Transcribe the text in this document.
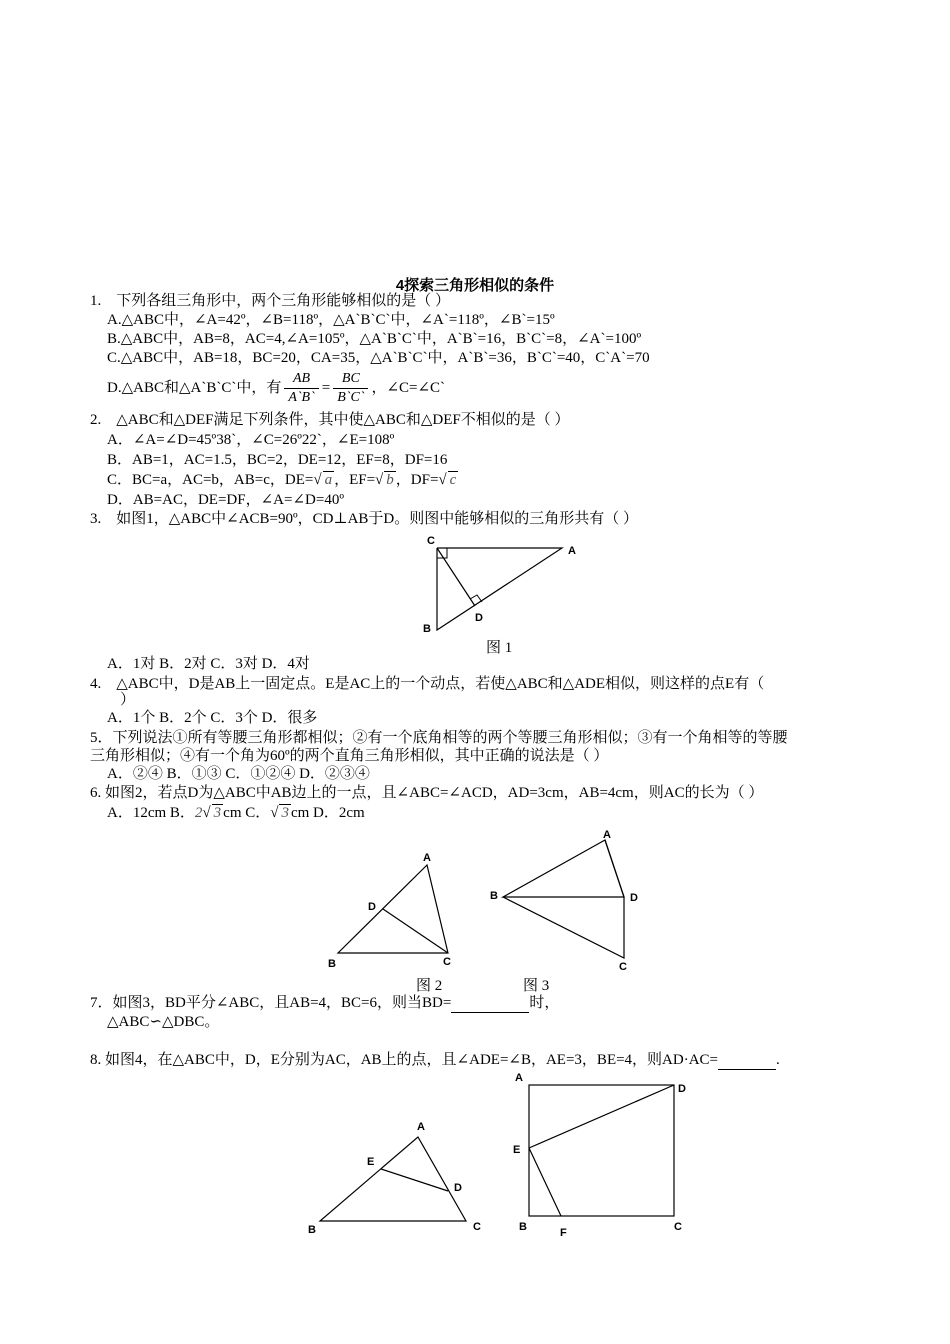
4探索三角形相似的条件
1.　下列各组三角形中，两个三角形能够相似的是（ ）
A.△ABC中，∠A=42º，∠B=118º，△A`B`C`中，∠A`=118º，∠B`=15º
B.△ABC中，AB=8，AC=4,∠A=105º，△A`B`C`中，A`B`=16，B`C`=8，∠A`=100º
C.△ABC中，AB=18，BC=20，CA=35，△A`B`C`中，A`B`=36，B`C`=40，C`A`=70
D.△ABC和△A`B`C`中，有 $\frac{AB}{A`B`} = \frac{BC}{B`C`}$ ，∠C=∠C`
2.　△ABC和△DEF满足下列条件，其中使△ABC和△DEF不相似的是（ ）
A．∠A=∠D=45º38`，∠C=26º22`，∠E=108º
B．AB=1，AC=1.5，BC=2，DE=12，EF=8，DF=16
C．BC=a，AC=b，AB=c，DE=√ a ，EF=√ b ，DF=√ c
D．AB=AC，DE=DF，∠A=∠D=40º
3.　如图1，△ABC中∠ACB=90º，CD⊥AB于D。则图中能够相似的三角形共有（ ）
C
A
B
D
图 1
A．1对 B．2对 C．3对 D．4对
4.　△ABC中，D是AB上一固定点。E是AC上的一个动点，若使△ABC和△ADE相似，则这样的点E有（
）
A．1个 B．2个 C．3个 D．很多
5．下列说法①所有等腰三角形都相似；②有一个底角相等的两个等腰三角形相似；③有一个角相等的等腰
三角形相似；④有一个角为60º的两个直角三角形相似，其中正确的说法是（ ）
A．②④ B．①③ C．①②④ D．②③④
6. 如图2，若点D为△ABC中AB边上的一点，且∠ABC=∠ACD，AD=3cm，AB=4cm，则AC的长为（ ）
A．12cm B．2√ 3 cm C．√ 3 cm D．2cm
A
D
B	C
图 2
A
B	D
C
图 3
7．如图3，BD平分∠ABC，且AB=4，BC=6，则当BD=	时，
△ABC∽△DBC。
8. 如图4，在△ABC中，D，E分别为AC，AB上的点，且∠ADE=∠B，AE=3，BE=4，则AD·AC=	.
A
E
D
B	C
A
D
E
B	F	C
